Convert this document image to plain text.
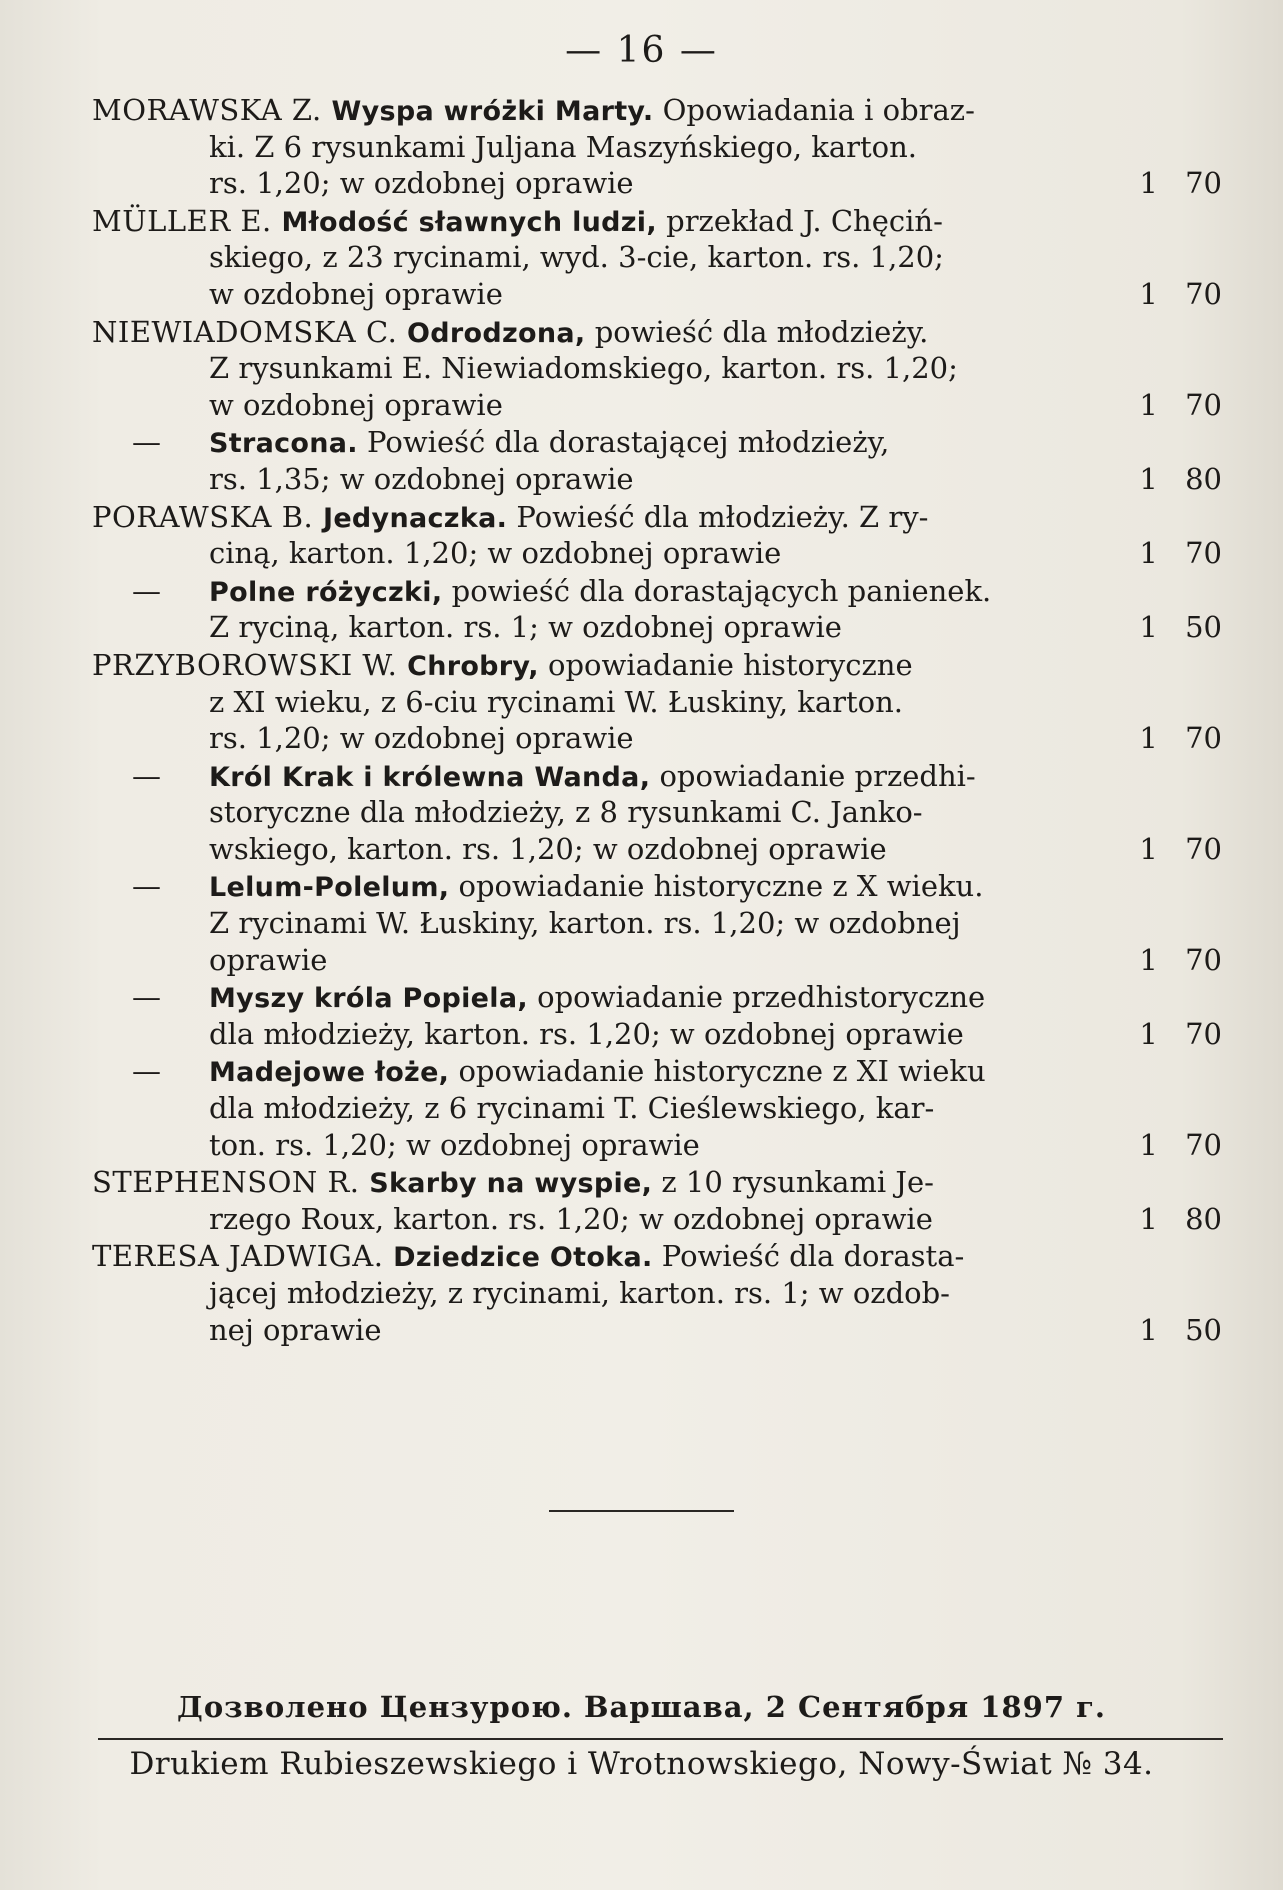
— 16 —
MORAWSKA Z. Wyspa wróżki Marty. Opowiadania i obraz-
ki. Z 6 rysunkami Juljana Maszyńskiego, karton.
rs. 1,20; w ozdobnej oprawie	1 70
MÜLLER E. Młodość sławnych ludzi, przekład J. Chęciń-
skiego, z 23 rycinami, wyd. 3-cie, karton. rs. 1,20;
w ozdobnej oprawie	1 70
NIEWIADOMSKA C. Odrodzona, powieść dla młodzieży.
Z rysunkami E. Niewiadomskiego, karton. rs. 1,20;
w ozdobnej oprawie	1 70
— Stracona. Powieść dla dorastającej młodzieży,
rs. 1,35; w ozdobnej oprawie	1 80
PORAWSKA B. Jedynaczka. Powieść dla młodzieży. Z ry-
ciną, karton. 1,20; w ozdobnej oprawie	1 70
— Polne różyczki, powieść dla dorastających panienek.
Z ryciną, karton. rs. 1; w ozdobnej oprawie	1 50
PRZYBOROWSKI W. Chrobry, opowiadanie historyczne
z XI wieku, z 6-ciu rycinami W. Łuskiny, karton.
rs. 1,20; w ozdobnej oprawie	1 70
— Król Krak i królewna Wanda, opowiadanie przedhi-
storyczne dla młodzieży, z 8 rysunkami C. Janko-
wskiego, karton. rs. 1,20; w ozdobnej oprawie	1 70
— Lelum-Polelum, opowiadanie historyczne z X wieku.
Z rycinami W. Łuskiny, karton. rs. 1,20; w ozdobnej
oprawie	1 70
— Myszy króla Popiela, opowiadanie przedhistoryczne
dla młodzieży, karton. rs. 1,20; w ozdobnej oprawie	1 70
— Madejowe łoże, opowiadanie historyczne z XI wieku
dla młodzieży, z 6 rycinami T. Cieślewskiego, kar-
ton. rs. 1,20; w ozdobnej oprawie	1 70
STEPHENSON R. Skarby na wyspie, z 10 rysunkami Je-
rzego Roux, karton. rs. 1,20; w ozdobnej oprawie	1 80
TERESA JADWIGA. Dziedzice Otoka. Powieść dla dorasta-
jącej młodzieży, z rycinami, karton. rs. 1; w ozdob-
nej oprawie	1 50
Дозволено Цензурою. Варшава, 2 Сентября 1897 г.
Drukiem Rubieszewskiego i Wrotnowskiego, Nowy-Świat № 34.
